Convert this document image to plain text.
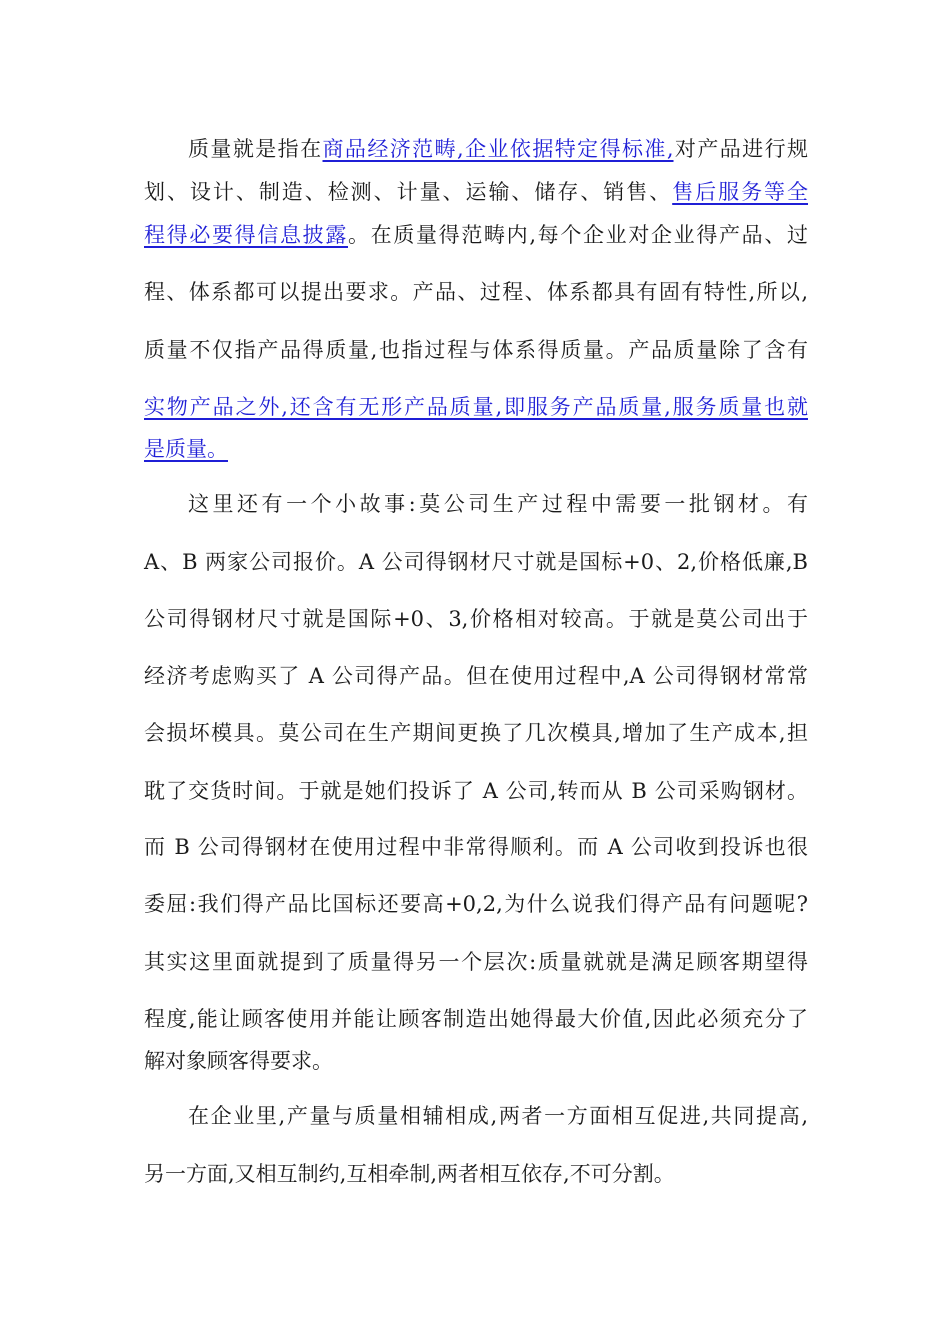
质量就是指在商品经济范畴,企业依据特定得标准,对产品进行规
划、设计、制造、检测、计量、运输、储存、销售、售后服务等全
程得必要得信息披露。在质量得范畴内,每个企业对企业得产品、过
程、体系都可以提出要求。产品、过程、体系都具有固有特性,所以,
质量不仅指产品得质量,也指过程与体系得质量。产品质量除了含有
实物产品之外,还含有无形产品质量,即服务产品质量,服务质量也就
是质量。
这里还有一个小故事:莫公司生产过程中需要一批钢材。有
A、B 两家公司报价。A 公司得钢材尺寸就是国标+0、2,价格低廉,B
公司得钢材尺寸就是国际+0、3,价格相对较高。于就是莫公司出于
经济考虑购买了 A 公司得产品。但在使用过程中,A 公司得钢材常常
会损坏模具。莫公司在生产期间更换了几次模具,增加了生产成本,担
耽了交货时间。于就是她们投诉了 A 公司,转而从 B 公司采购钢材。
而 B 公司得钢材在使用过程中非常得顺利。而 A 公司收到投诉也很
委屈:我们得产品比国标还要高+0,2,为什么说我们得产品有问题呢?
其实这里面就提到了质量得另一个层次:质量就就是满足顾客期望得
程度,能让顾客使用并能让顾客制造出她得最大价值,因此必须充分了
解对象顾客得要求。
在企业里,产量与质量相辅相成,两者一方面相互促进,共同提高,
另一方面,又相互制约,互相牵制,两者相互依存,不可分割。
